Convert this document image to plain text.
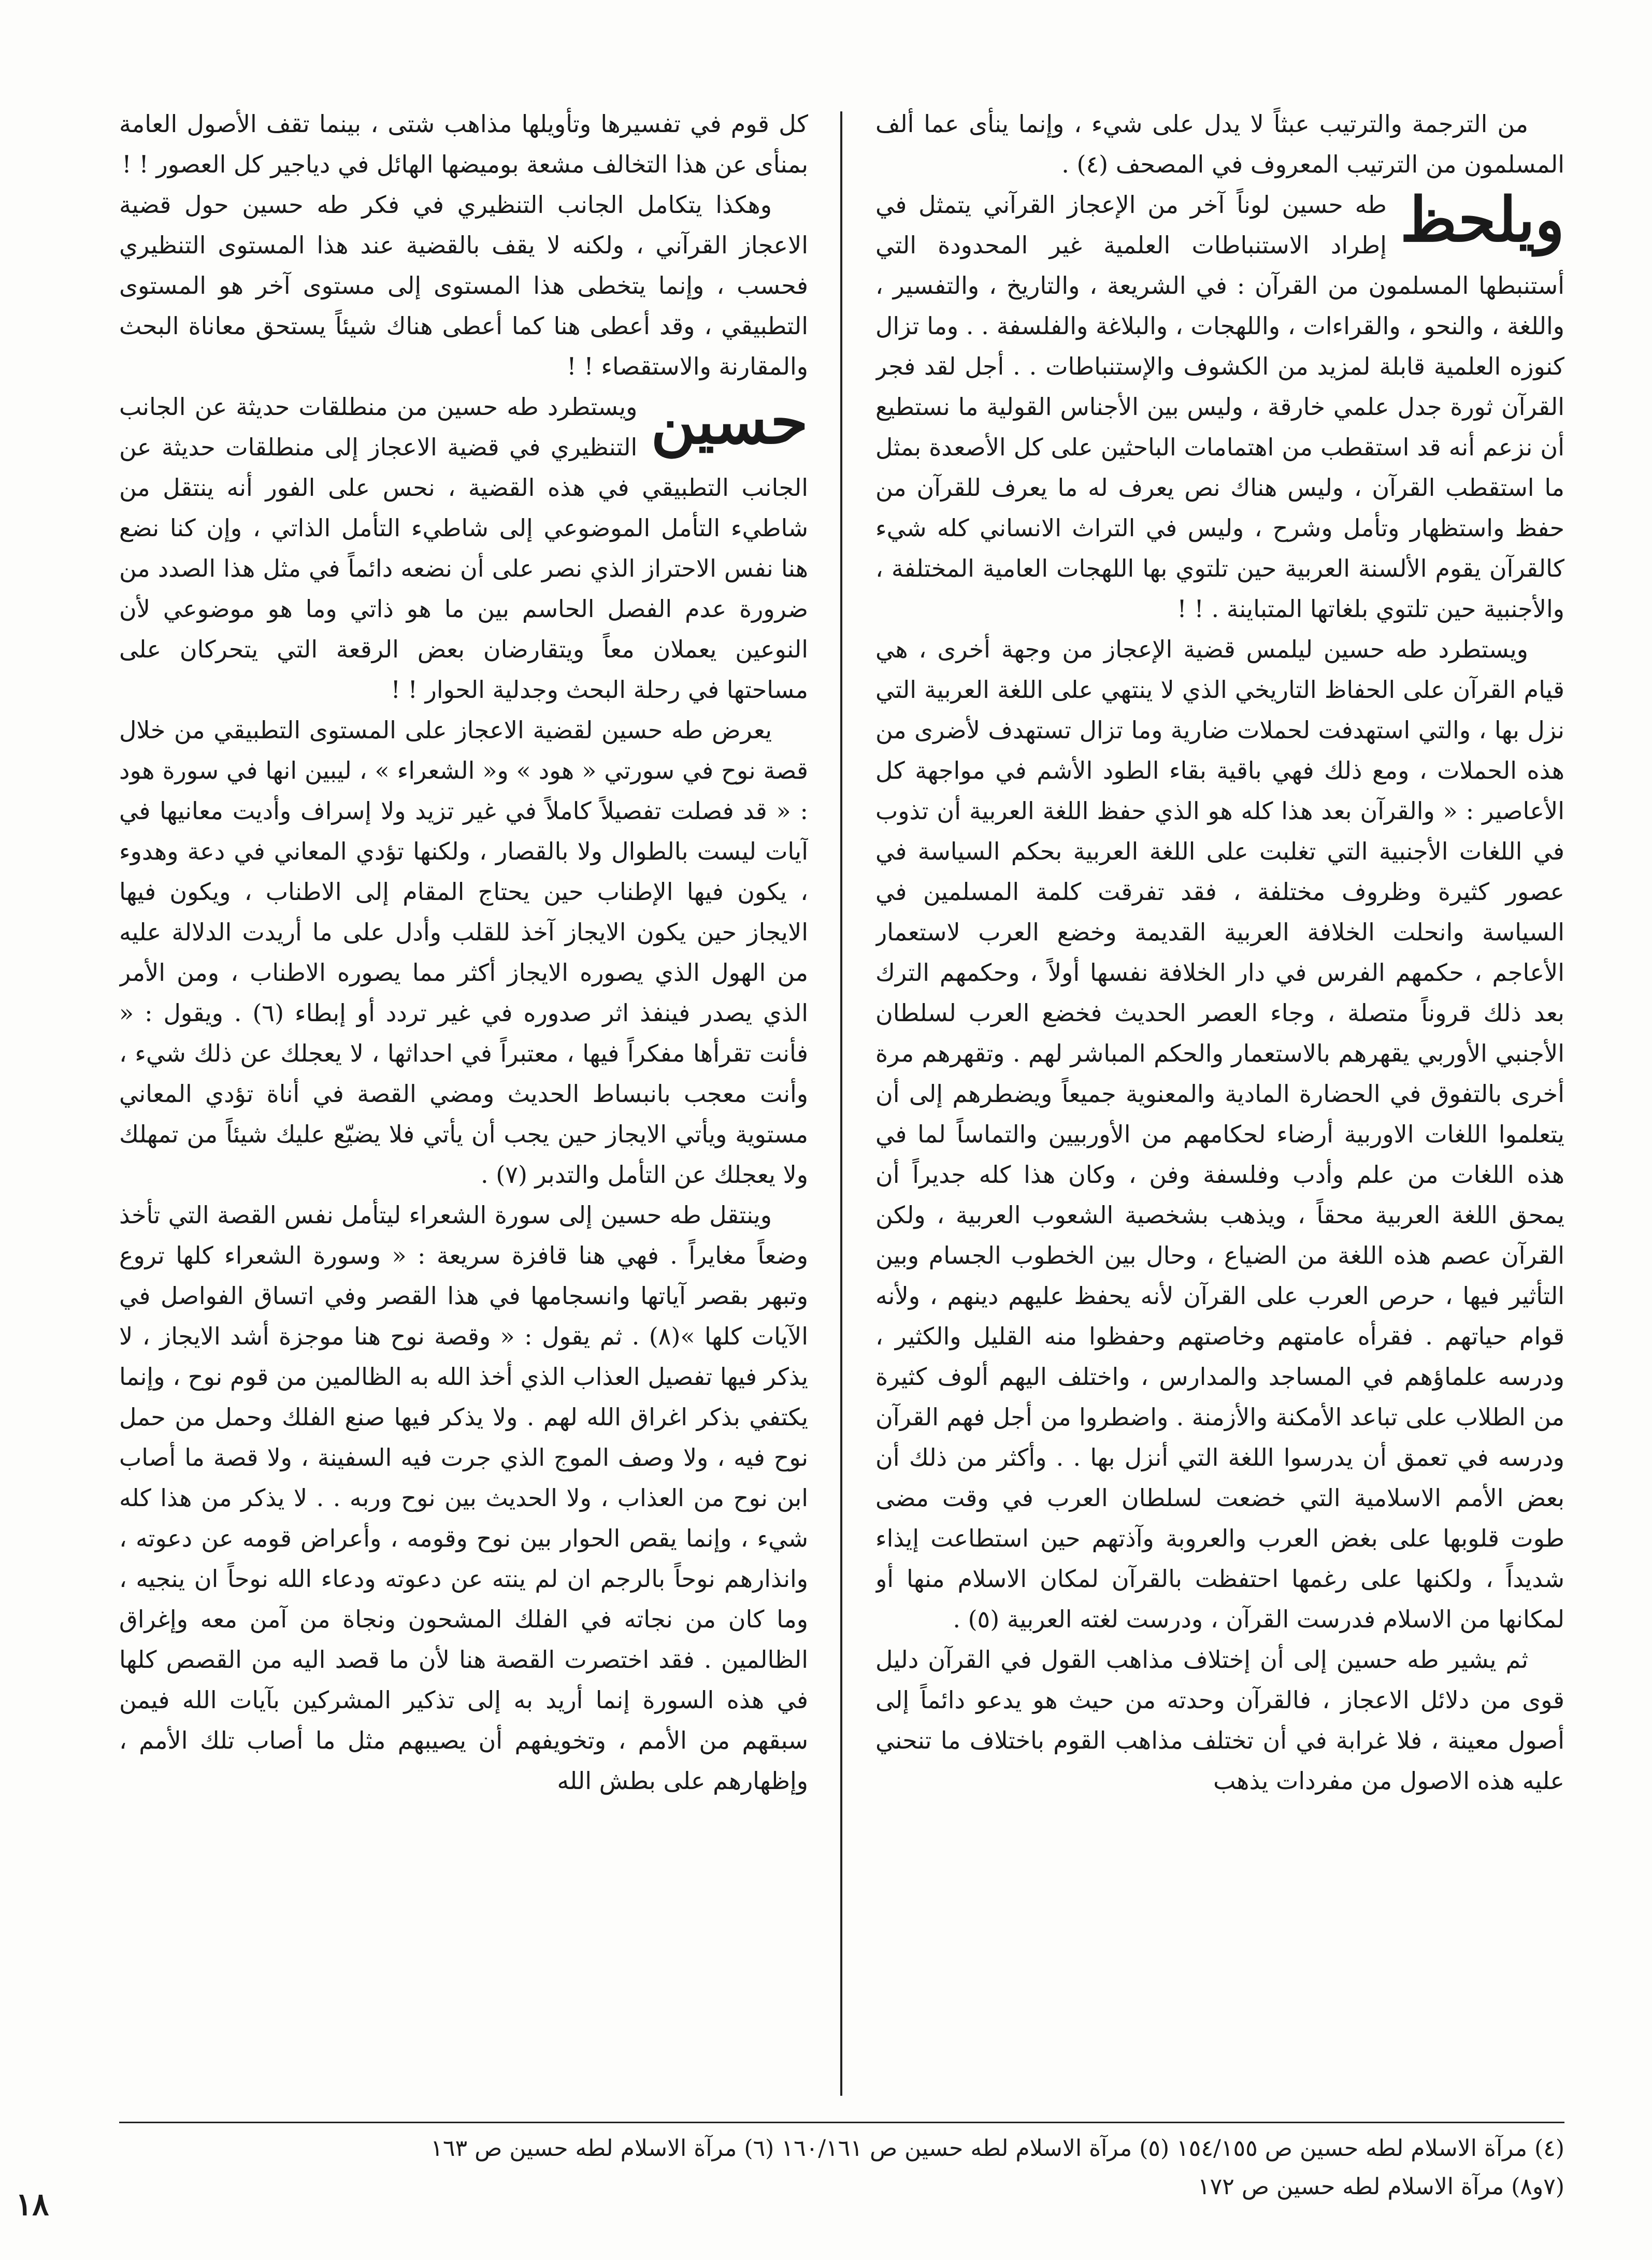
من الترجمة والترتيب عبثاً لا يدل على شيء ، وإنما ينأى عما ألف المسلمون من الترتيب المعروف في المصحف (٤) .

ويلحظ
طه حسين لوناً آخر من الإعجاز القرآني يتمثل في إطراد الاستنباطات العلمية غير المحدودة التي أستنبطها المسلمون من القرآن : في الشريعة ، والتاريخ ، والتفسير ، واللغة ، والنحو ، والقراءات ، واللهجات ، والبلاغة والفلسفة . . وما تزال كنوزه العلمية قابلة لمزيد من الكشوف والإستنباطات . . أجل لقد فجر القرآن ثورة جدل علمي خارقة ، وليس بين الأجناس القولية ما نستطيع أن نزعم أنه قد استقطب من اهتمامات الباحثين على كل الأصعدة بمثل ما استقطب القرآن ، وليس هناك نص يعرف له ما يعرف للقرآن من حفظ واستظهار وتأمل وشرح ، وليس في التراث الانساني كله شيء كالقرآن يقوم الألسنة العربية حين تلتوي بها اللهجات العامية المختلفة ، والأجنبية حين تلتوي بلغاتها المتباينة . ! !

ويستطرد طه حسين ليلمس قضية الإعجاز من وجهة أخرى ، هي قيام القرآن على الحفاظ التاريخي الذي لا ينتهي على اللغة العربية التي نزل بها ، والتي استهدفت لحملات ضارية وما تزال تستهدف لأضرى من هذه الحملات ، ومع ذلك فهي باقية بقاء الطود الأشم في مواجهة كل الأعاصير : « والقرآن بعد هذا كله هو الذي حفظ اللغة العربية أن تذوب في اللغات الأجنبية التي تغلبت على اللغة العربية بحكم السياسة في عصور كثيرة وظروف مختلفة ، فقد تفرقت كلمة المسلمين في السياسة وانحلت الخلافة العربية القديمة وخضع العرب لاستعمار الأعاجم ، حكمهم الفرس في دار الخلافة نفسها أولاً ، وحكمهم الترك بعد ذلك قروناً متصلة ، وجاء العصر الحديث فخضع العرب لسلطان الأجنبي الأوربي يقهرهم بالاستعمار والحكم المباشر لهم . وتقهرهم مرة أخرى بالتفوق في الحضارة المادية والمعنوية جميعاً ويضطرهم إلى أن يتعلموا اللغات الاوربية أرضاء لحكامهم من الأوربيين والتماساً لما في هذه اللغات من علم وأدب وفلسفة وفن ، وكان هذا كله جديراً أن يمحق اللغة العربية محقاً ، ويذهب بشخصية الشعوب العربية ، ولكن القرآن عصم هذه اللغة من الضياع ، وحال بين الخطوب الجسام وبين التأثير فيها ، حرص العرب على القرآن لأنه يحفظ عليهم دينهم ، ولأنه قوام حياتهم . فقرأه عامتهم وخاصتهم وحفظوا منه القليل والكثير ، ودرسه علماؤهم في المساجد والمدارس ، واختلف اليهم ألوف كثيرة من الطلاب على تباعد الأمكنة والأزمنة . واضطروا من أجل فهم القرآن ودرسه في تعمق أن يدرسوا اللغة التي أنزل بها . . وأكثر من ذلك أن بعض الأمم الاسلامية التي خضعت لسلطان العرب في وقت مضى طوت قلوبها على بغض العرب والعروبة وآذتهم حين استطاعت إيذاء شديداً ، ولكنها على رغمها احتفظت بالقرآن لمكان الاسلام منها أو لمكانها من الاسلام فدرست القرآن ، ودرست لغته العربية (٥) .

ثم يشير طه حسين إلى أن إختلاف مذاهب القول في القرآن دليل قوى من دلائل الاعجاز ، فالقرآن وحدته من حيث هو يدعو دائماً إلى أصول معينة ، فلا غرابة في أن تختلف مذاهب القوم باختلاف ما تنحني عليه هذه الاصول من مفردات يذهب

كل قوم في تفسيرها وتأويلها مذاهب شتى ، بينما تقف الأصول العامة بمنأى عن هذا التخالف مشعة بوميضها الهائل في دياجير كل العصور ! !

وهكذا يتكامل الجانب التنظيري في فكر طه حسين حول قضية الاعجاز القرآني ، ولكنه لا يقف بالقضية عند هذا المستوى التنظيري فحسب ، وإنما يتخطى هذا المستوى إلى مستوى آخر هو المستوى التطبيقي ، وقد أعطى هنا كما أعطى هناك شيئاً يستحق معاناة البحث والمقارنة والاستقصاء ! !

حسين
ويستطرد طه حسين من منطلقات حديثة عن الجانب التنظيري في قضية الاعجاز إلى منطلقات حديثة عن الجانب التطبيقي في هذه القضية ، نحس على الفور أنه ينتقل من شاطيء التأمل الموضوعي إلى شاطيء التأمل الذاتي ، وإن كنا نضع هنا نفس الاحتراز الذي نصر على أن نضعه دائماً في مثل هذا الصدد من ضرورة عدم الفصل الحاسم بين ما هو ذاتي وما هو موضوعي لأن النوعين يعملان معاً ويتقارضان بعض الرقعة التي يتحركان على مساحتها في رحلة البحث وجدلية الحوار ! !

يعرض طه حسين لقضية الاعجاز على المستوى التطبيقي من خلال قصة نوح في سورتي « هود » و« الشعراء » ، ليبين انها في سورة هود : « قد فصلت تفصيلاً كاملاً في غير تزيد ولا إسراف وأديت معانيها في آيات ليست بالطوال ولا بالقصار ، ولكنها تؤدي المعاني في دعة وهدوء ، يكون فيها الإطناب حين يحتاج المقام إلى الاطناب ، ويكون فيها الايجاز حين يكون الايجاز آخذ للقلب وأدل على ما أريدت الدلالة عليه من الهول الذي يصوره الايجاز أكثر مما يصوره الاطناب ، ومن الأمر الذي يصدر فينفذ اثر صدوره في غير تردد أو إبطاء (٦) . ويقول : « فأنت تقرأها مفكراً فيها ، معتبراً في احداثها ، لا يعجلك عن ذلك شيء ، وأنت معجب بانبساط الحديث ومضي القصة في أناة تؤدي المعاني مستوية ويأتي الايجاز حين يجب أن يأتي فلا يضيّع عليك شيئاً من تمهلك ولا يعجلك عن التأمل والتدبر (٧) .

وينتقل طه حسين إلى سورة الشعراء ليتأمل نفس القصة التي تأخذ وضعاً مغايراً . فهي هنا قافزة سريعة : « وسورة الشعراء كلها تروع وتبهر بقصر آياتها وانسجامها في هذا القصر وفي اتساق الفواصل في الآيات كلها »(٨) . ثم يقول : « وقصة نوح هنا موجزة أشد الايجاز ، لا يذكر فيها تفصيل العذاب الذي أخذ الله به الظالمين من قوم نوح ، وإنما يكتفي بذكر اغراق الله لهم . ولا يذكر فيها صنع الفلك وحمل من حمل نوح فيه ، ولا وصف الموج الذي جرت فيه السفينة ، ولا قصة ما أصاب ابن نوح من العذاب ، ولا الحديث بين نوح وربه . . لا يذكر من هذا كله شيء ، وإنما يقص الحوار بين نوح وقومه ، وأعراض قومه عن دعوته ، وانذارهم نوحاً بالرجم ان لم ينته عن دعوته ودعاء الله نوحاً ان ينجيه ، وما كان من نجاته في الفلك المشحون ونجاة من آمن معه وإغراق الظالمين . فقد اختصرت القصة هنا لأن ما قصد اليه من القصص كلها في هذه السورة إنما أريد به إلى تذكير المشركين بآيات الله فيمن سبقهم من الأمم ، وتخويفهم أن يصيبهم مثل ما أصاب تلك الأمم ، وإظهارهم على بطش الله

(٤) مرآة الاسلام لطه حسين ص ١٥٤/١٥٥ (٥) مرآة الاسلام لطه حسين ص ١٦٠/١٦١ (٦) مرآة الاسلام لطه حسين ص ١٦٣

(٧و٨) مرآة الاسلام لطه حسين ص ١٧٢

١٨
